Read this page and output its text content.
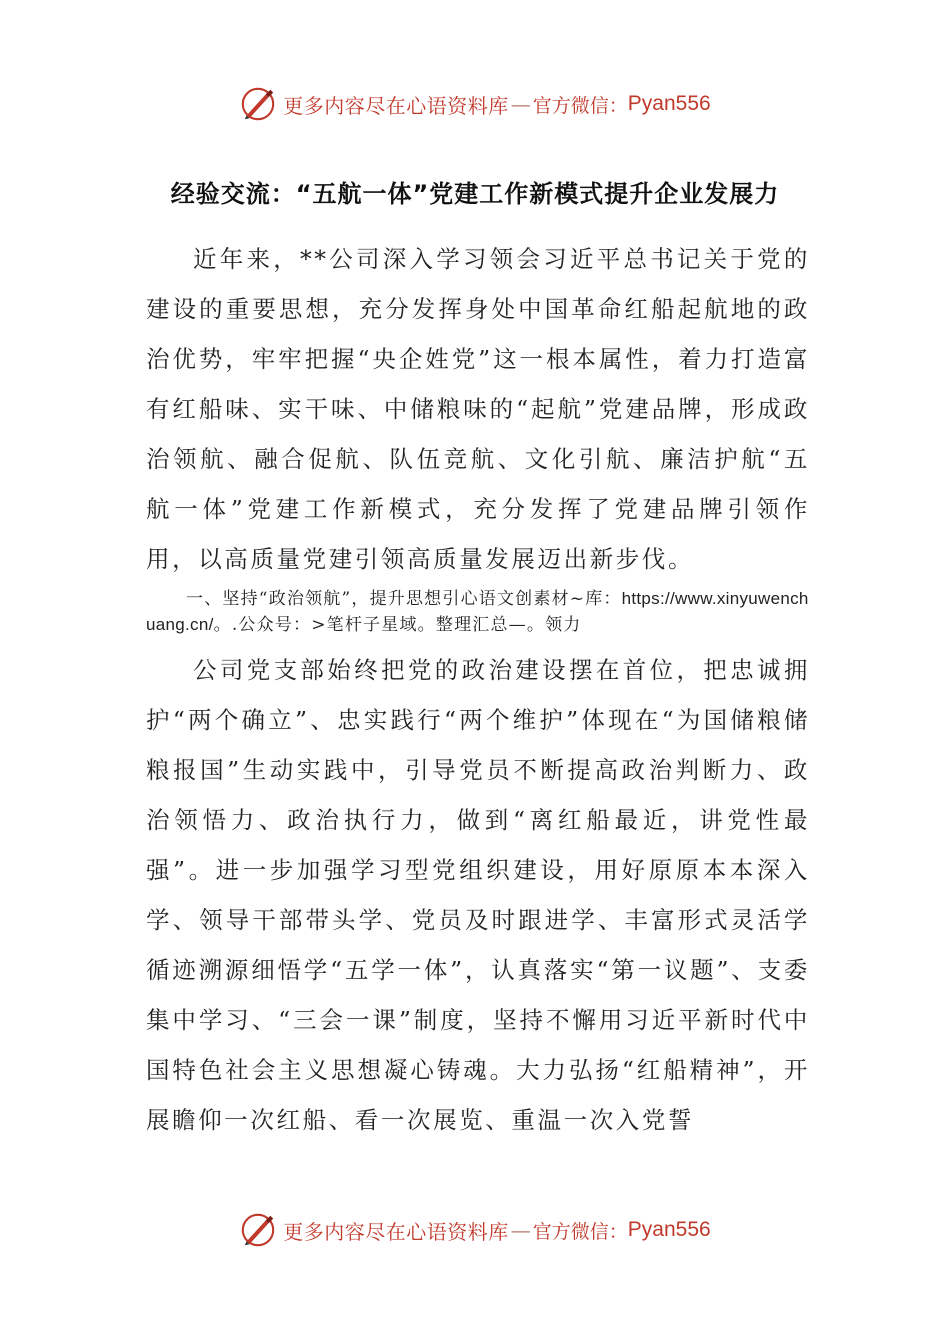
更多内容尽在心语资料库 — 官方微信： Pyan556
经验交流：“五航一体”党建工作新模式提升企业发展力

近年来，**公司深入学习领会习近平总书记关于党的建设的重要思想，充分发挥身处中国革命红船起航地的政治优势，牢牢把握“央企姓党”这一根本属性，着力打造富有红船味、实干味、中储粮味的“起航”党建品牌，形成政治领航、融合促航、队伍竞航、文化引航、廉洁护航“五航一体”党建工作新模式，充分发挥了党建品牌引领作用，以高质量党建引领高质量发展迈出新步伐。

一、坚持“政治领航”，提升思想引心语文创素材~库：https://www.xinyuwenchuang.cn/。.公众号：>笔杆子星域。整理汇总—。领力

公司党支部始终把党的政治建设摆在首位，把忠诚拥护“两个确立”、忠实践行“两个维护”体现在“为国储粮储粮报国”生动实践中，引导党员不断提高政治判断力、政治领悟力、政治执行力，做到“离红船最近，讲党性最强”。进一步加强学习型党组织建设，用好原原本本深入学、领导干部带头学、党员及时跟进学、丰富形式灵活学循迹溯源细悟学“五学一体”，认真落实“第一议题”、支委集中学习、“三会一课”制度，坚持不懈用习近平新时代中国特色社会主义思想凝心铸魂。大力弘扬“红船精神”，开展瞻仰一次红船、看一次展览、重温一次入党誓

更多内容尽在心语资料库 — 官方微信： Pyan556
